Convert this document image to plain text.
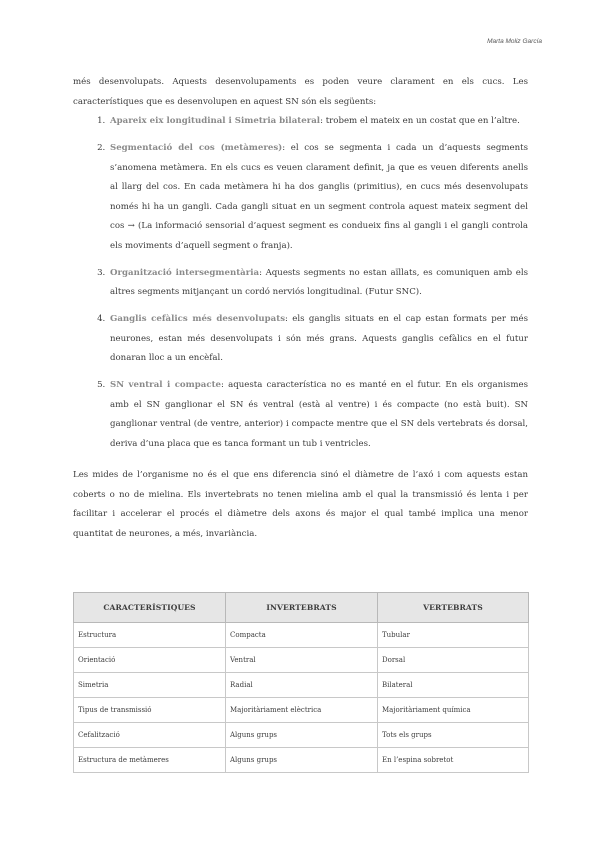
Marta Moliz García

més desenvolupats. Aquests desenvolupaments es poden veure clarament en els cucs. Les característiques que es desenvolupen en aquest SN són els següents:

1. Apareix eix longitudinal i Simetria bilateral: trobem el mateix en un costat que en l’altre.
2. Segmentació del cos (metàmeres): el cos se segmenta i cada un d’aquests segments s’anomena metàmera. En els cucs es veuen clarament definit, ja que es veuen diferents anells al llarg del cos. En cada metàmera hi ha dos ganglis (primitius), en cucs més desenvolupats només hi ha un gangli. Cada gangli situat en un segment controla aquest mateix segment del cos → (La informació sensorial d’aquest segment es condueix fins al gangli i el gangli controla els moviments d’aquell segment o franja).
3. Organització intersegmentària: Aquests segments no estan aïllats, es comuniquen amb els altres segments mitjançant un cordó nerviós longitudinal. (Futur SNC).
4. Ganglis cefàlics més desenvolupats: els ganglis situats en el cap estan formats per més neurones, estan més desenvolupats i són més grans. Aquests ganglis cefàlics en el futur donaran lloc a un encèfal.
5. SN ventral i compacte: aquesta característica no es manté en el futur. En els organismes amb el SN ganglionar el SN és ventral (està al ventre) i és compacte (no està buit). SN ganglionar ventral (de ventre, anterior) i compacte mentre que el SN dels vertebrats és dorsal, deriva d’una placa que es tanca formant un tub i ventricles.

Les mides de l’organisme no és el que ens diferencia sinó el diàmetre de l’axó i com aquests estan coberts o no de mielina. Els invertebrats no tenen mielina amb el qual la transmissió és lenta i per facilitar i accelerar el procés el diàmetre dels axons és major el qual també implica una menor quantitat de neurones, a més, invariància.

CARACTERÍSTIQUES	INVERTEBRATS	VERTEBRATS
Estructura	Compacta	Tubular
Orientació	Ventral	Dorsal
Simetria	Radial	Bilateral
Tipus de transmissió	Majoritàriament elèctrica	Majoritàriament química
Cefalització	Alguns grups	Tots els grups
Estructura de metàmeres	Alguns grups	En l’espina sobretot
